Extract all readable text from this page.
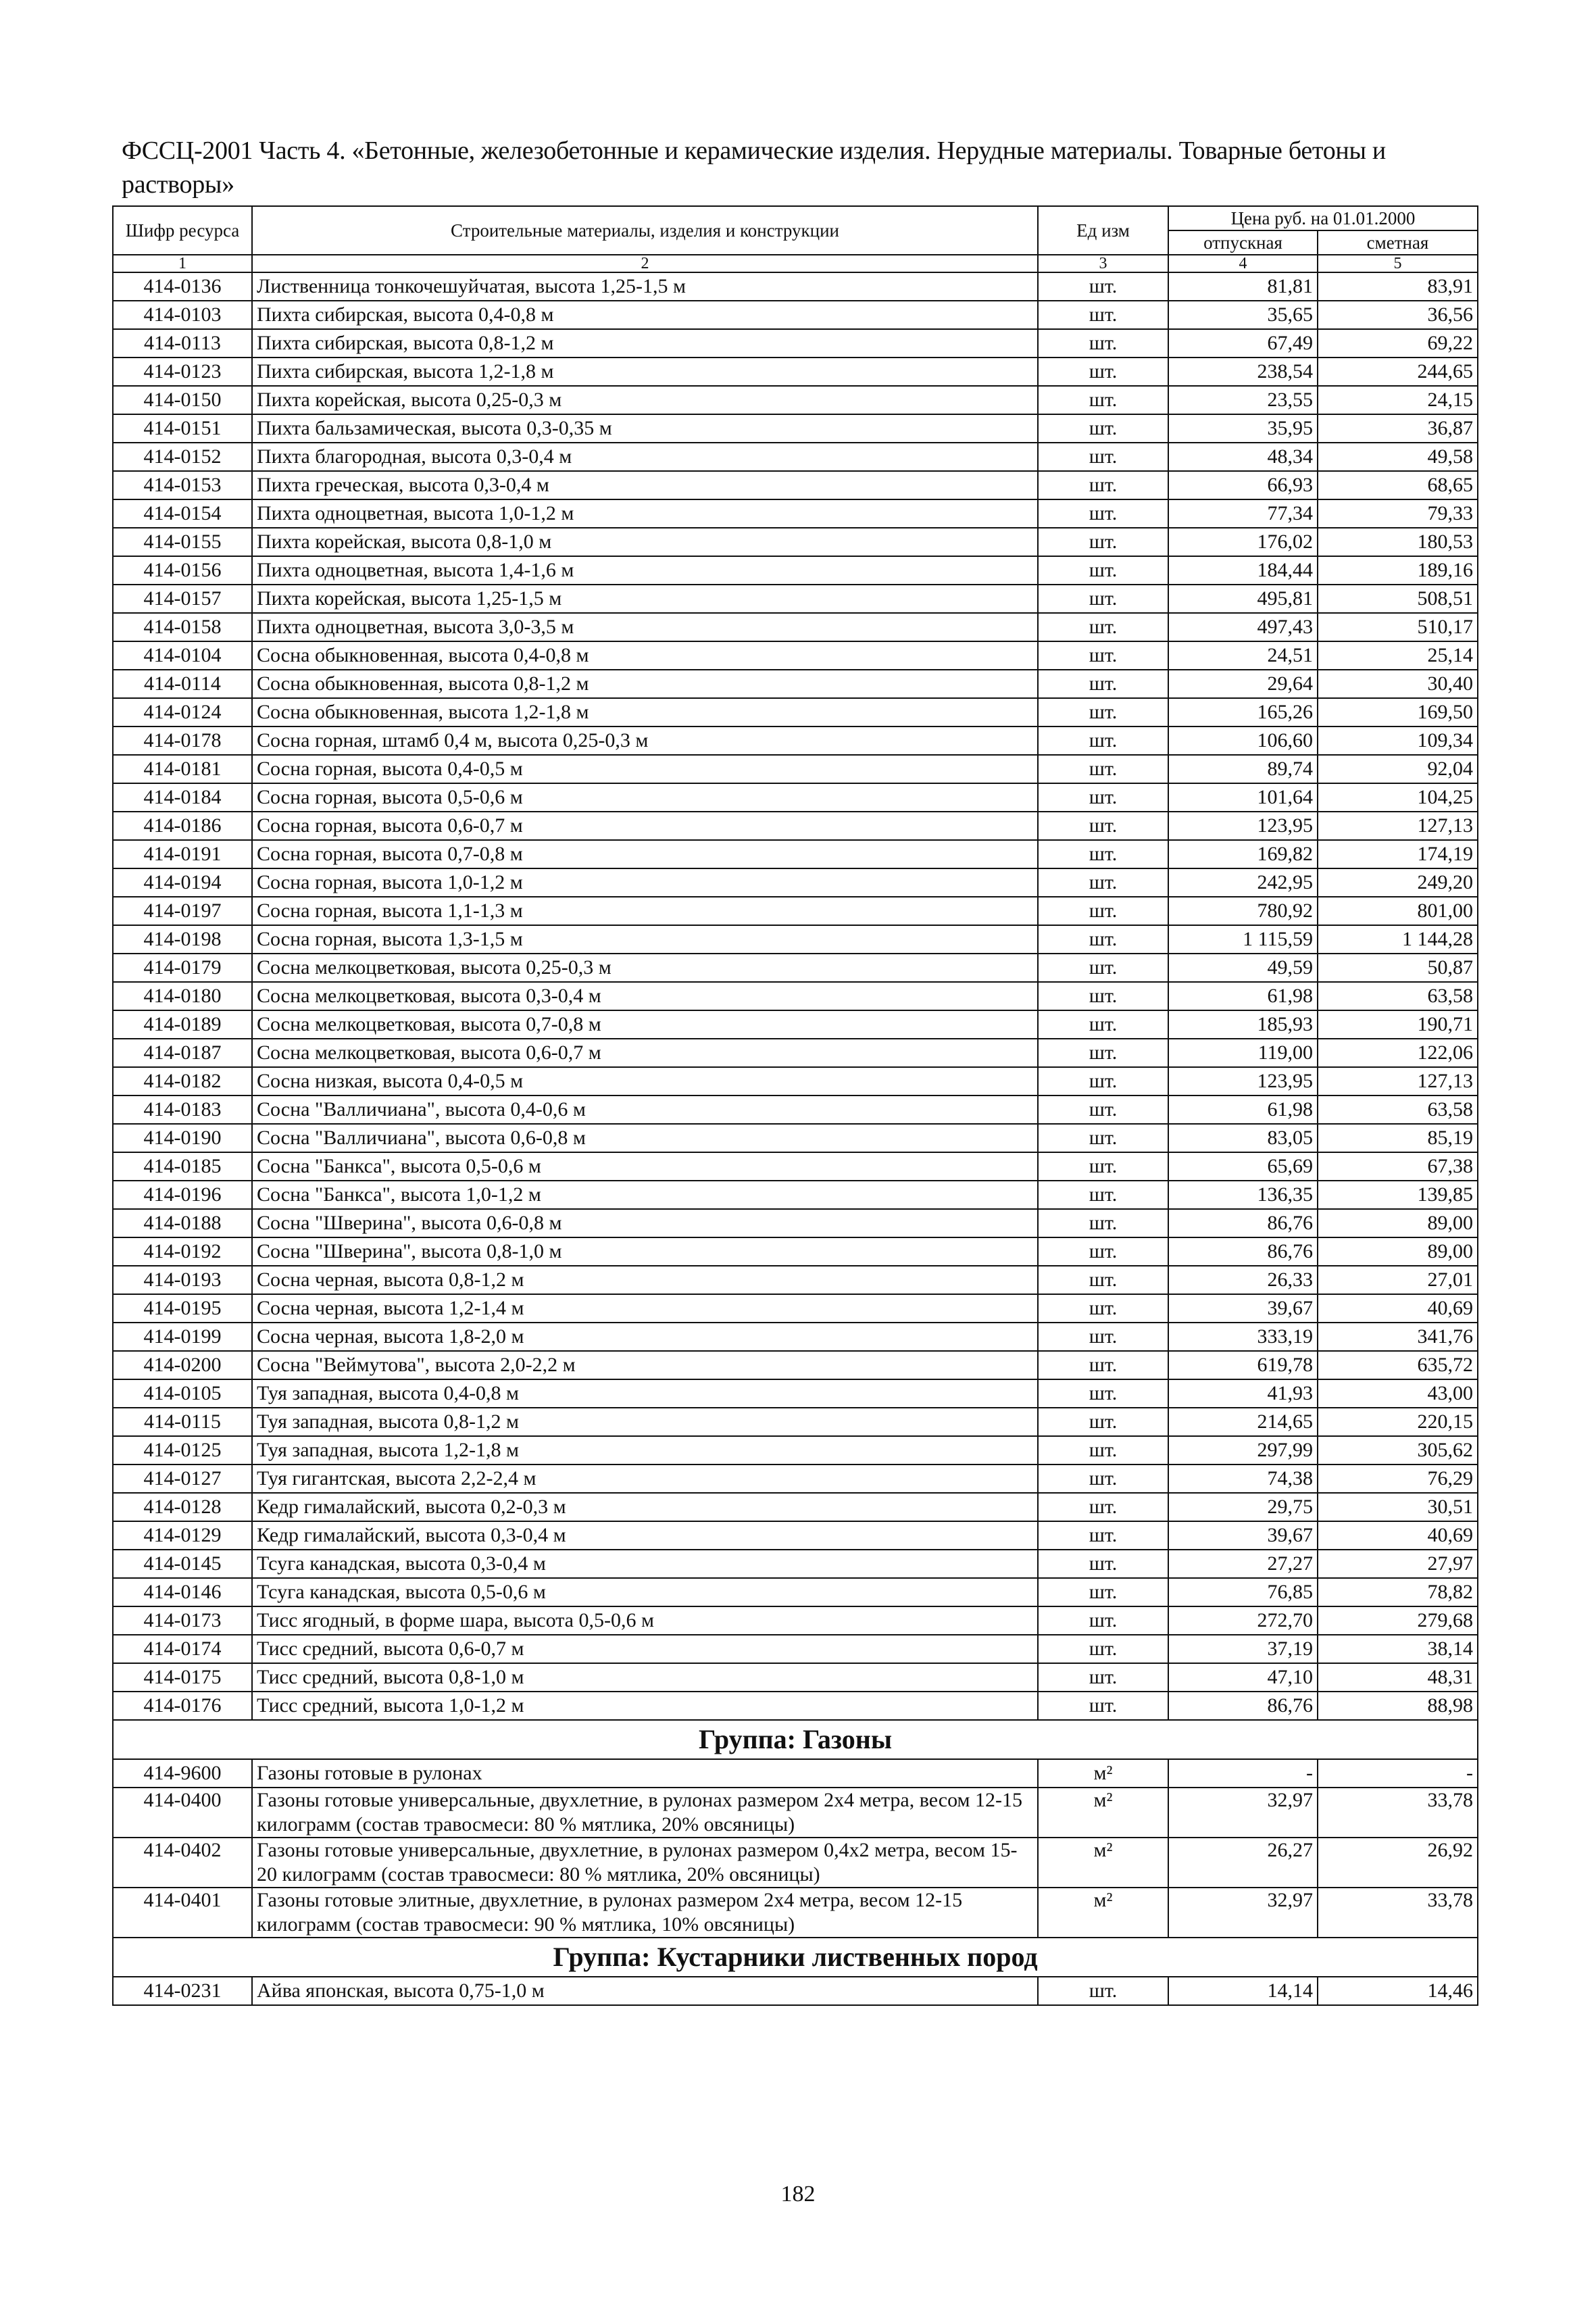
ФССЦ-2001 Часть 4. «Бетонные, железобетонные и керамические изделия. Нерудные материалы. Товарные бетоны и растворы»
Шифр ресурса	Строительные материалы, изделия и конструкции	Ед изм	Цена руб. на 01.01.2000	
			отпускная	сметная
1	2	3	4	5
414-0136	Лиственница тонкочешуйчатая, высота 1,25-1,5 м	шт.	81,81	83,91
414-0103	Пихта сибирская, высота 0,4-0,8 м	шт.	35,65	36,56
414-0113	Пихта сибирская, высота 0,8-1,2 м	шт.	67,49	69,22
414-0123	Пихта сибирская, высота 1,2-1,8 м	шт.	238,54	244,65
414-0150	Пихта корейская, высота 0,25-0,3 м	шт.	23,55	24,15
414-0151	Пихта бальзамическая, высота 0,3-0,35 м	шт.	35,95	36,87
414-0152	Пихта благородная, высота 0,3-0,4 м	шт.	48,34	49,58
414-0153	Пихта греческая, высота 0,3-0,4 м	шт.	66,93	68,65
414-0154	Пихта одноцветная, высота 1,0-1,2 м	шт.	77,34	79,33
414-0155	Пихта корейская, высота 0,8-1,0 м	шт.	176,02	180,53
414-0156	Пихта одноцветная, высота 1,4-1,6 м	шт.	184,44	189,16
414-0157	Пихта корейская, высота 1,25-1,5 м	шт.	495,81	508,51
414-0158	Пихта одноцветная, высота 3,0-3,5 м	шт.	497,43	510,17
414-0104	Сосна обыкновенная, высота 0,4-0,8 м	шт.	24,51	25,14
414-0114	Сосна обыкновенная, высота 0,8-1,2 м	шт.	29,64	30,40
414-0124	Сосна обыкновенная, высота 1,2-1,8 м	шт.	165,26	169,50
414-0178	Сосна горная, штамб 0,4 м, высота 0,25-0,3 м	шт.	106,60	109,34
414-0181	Сосна горная, высота 0,4-0,5 м	шт.	89,74	92,04
414-0184	Сосна горная, высота 0,5-0,6 м	шт.	101,64	104,25
414-0186	Сосна горная, высота 0,6-0,7 м	шт.	123,95	127,13
414-0191	Сосна горная, высота 0,7-0,8 м	шт.	169,82	174,19
414-0194	Сосна горная, высота 1,0-1,2 м	шт.	242,95	249,20
414-0197	Сосна горная, высота 1,1-1,3 м	шт.	780,92	801,00
414-0198	Сосна горная, высота 1,3-1,5 м	шт.	1 115,59	1 144,28
414-0179	Сосна мелкоцветковая, высота 0,25-0,3 м	шт.	49,59	50,87
414-0180	Сосна мелкоцветковая, высота 0,3-0,4 м	шт.	61,98	63,58
414-0189	Сосна мелкоцветковая, высота 0,7-0,8 м	шт.	185,93	190,71
414-0187	Сосна мелкоцветковая, высота 0,6-0,7 м	шт.	119,00	122,06
414-0182	Сосна низкая, высота 0,4-0,5 м	шт.	123,95	127,13
414-0183	Сосна "Валличиана", высота 0,4-0,6 м	шт.	61,98	63,58
414-0190	Сосна "Валличиана", высота 0,6-0,8 м	шт.	83,05	85,19
414-0185	Сосна "Банкса", высота 0,5-0,6 м	шт.	65,69	67,38
414-0196	Сосна "Банкса", высота 1,0-1,2 м	шт.	136,35	139,85
414-0188	Сосна "Шверина", высота 0,6-0,8 м	шт.	86,76	89,00
414-0192	Сосна "Шверина", высота 0,8-1,0 м	шт.	86,76	89,00
414-0193	Сосна черная, высота 0,8-1,2 м	шт.	26,33	27,01
414-0195	Сосна черная, высота 1,2-1,4 м	шт.	39,67	40,69
414-0199	Сосна черная, высота 1,8-2,0 м	шт.	333,19	341,76
414-0200	Сосна "Веймутова", высота 2,0-2,2 м	шт.	619,78	635,72
414-0105	Туя западная, высота 0,4-0,8 м	шт.	41,93	43,00
414-0115	Туя западная, высота 0,8-1,2 м	шт.	214,65	220,15
414-0125	Туя западная, высота 1,2-1,8 м	шт.	297,99	305,62
414-0127	Туя гигантская, высота 2,2-2,4 м	шт.	74,38	76,29
414-0128	Кедр гималайский, высота 0,2-0,3 м	шт.	29,75	30,51
414-0129	Кедр гималайский, высота 0,3-0,4 м	шт.	39,67	40,69
414-0145	Тсуга канадская, высота 0,3-0,4 м	шт.	27,27	27,97
414-0146	Тсуга канадская, высота 0,5-0,6 м	шт.	76,85	78,82
414-0173	Тисс ягодный, в форме шара, высота 0,5-0,6 м	шт.	272,70	279,68
414-0174	Тисс средний, высота 0,6-0,7 м	шт.	37,19	38,14
414-0175	Тисс средний, высота 0,8-1,0 м	шт.	47,10	48,31
414-0176	Тисс средний, высота 1,0-1,2 м	шт.	86,76	88,98
Группа: Газоны				
414-9600	Газоны готовые в рулонах	м²	-	-
414-0400	Газоны готовые универсальные, двухлетние, в рулонах размером 2х4 метра, весом 12-15 килограмм (состав травосмеси: 80 % мятлика, 20% овсяницы)	м²	32,97	33,78
414-0402	Газоны готовые универсальные, двухлетние, в рулонах размером 0,4х2 метра, весом 15-20 килограмм (состав травосмеси: 80 % мятлика, 20% овсяницы)	м²	26,27	26,92
414-0401	Газоны готовые элитные, двухлетние, в рулонах размером 2х4 метра, весом 12-15 килограмм (состав травосмеси: 90 % мятлика, 10% овсяницы)	м²	32,97	33,78
Группа: Кустарники лиственных пород				
414-0231	Айва японская, высота 0,75-1,0 м	шт.	14,14	14,46
182
